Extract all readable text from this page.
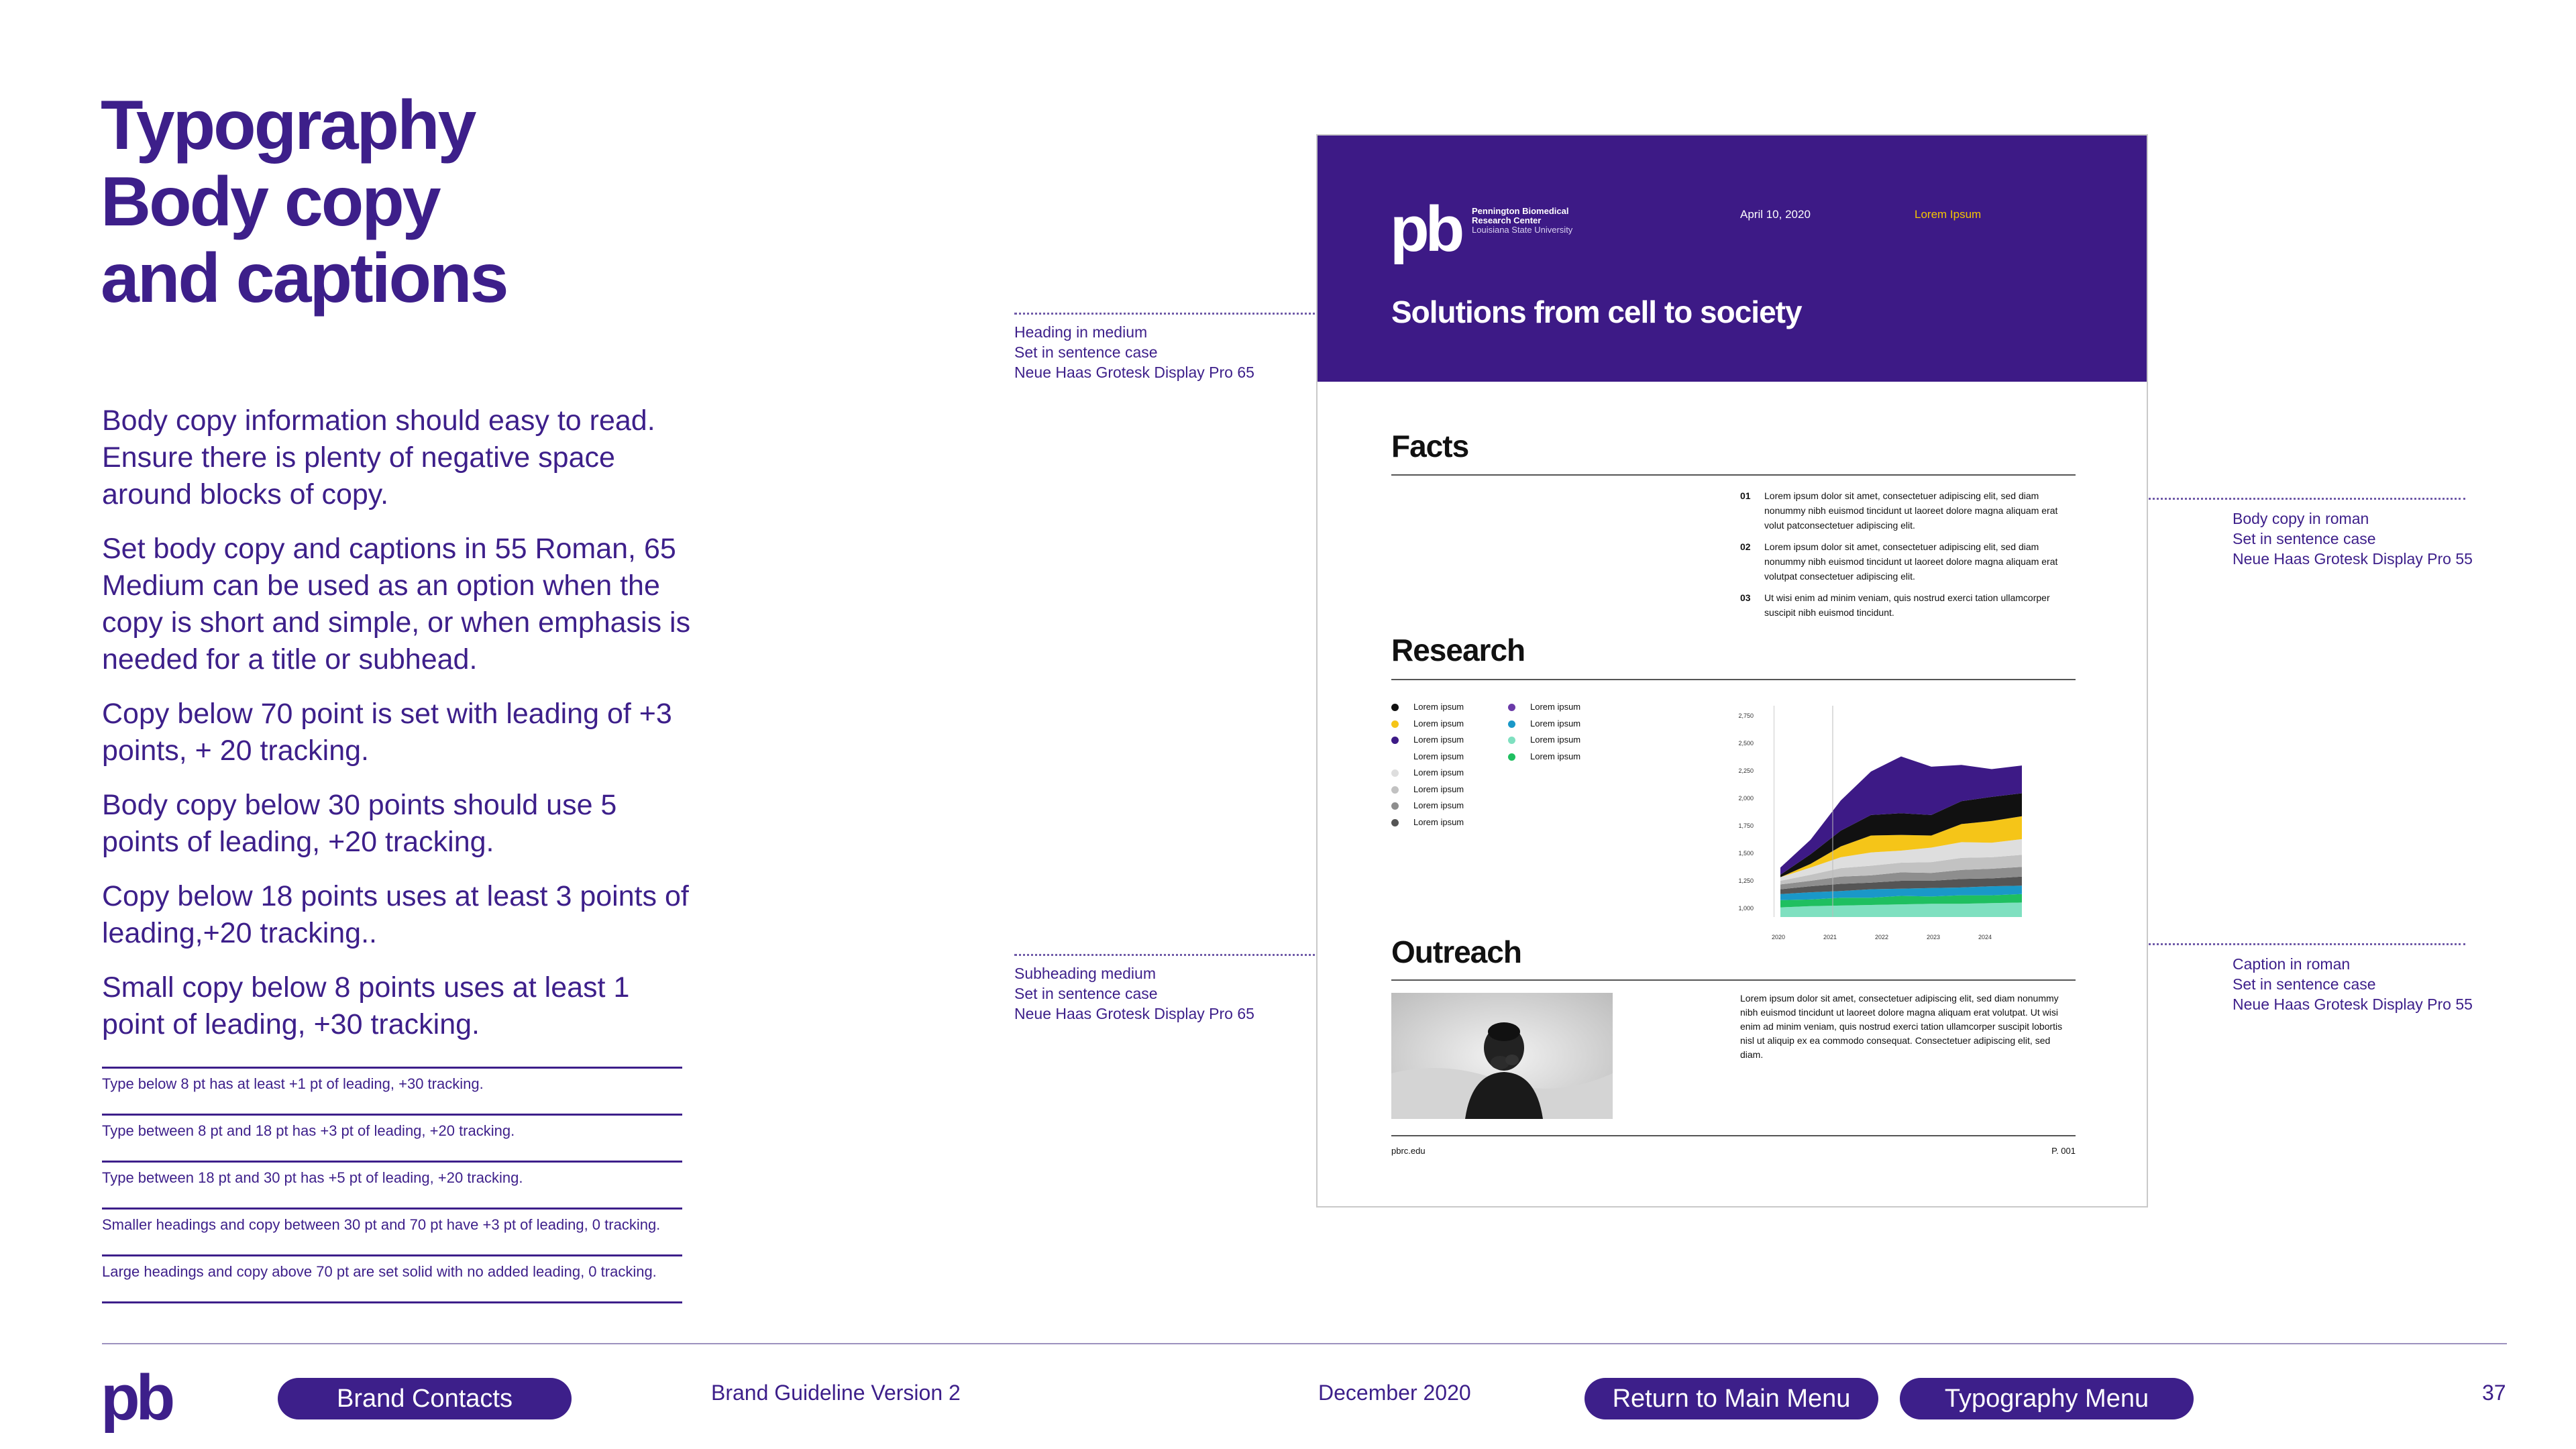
Typography
Body copy
and captions

Body copy information should easy to read. Ensure there is plenty of negative space around blocks of copy.

Set body copy and captions in 55 Roman, 65 Medium can be used as an option when the copy is short and simple, or when emphasis is needed for a title or subhead.

Copy below 70 point is set with leading of +3 points, + 20 tracking.

Body copy below 30 points should use 5 points of leading, +20 tracking.

Copy below 18 points uses at least 3 points of leading,+20 tracking..

Small copy below 8 points uses at least 1 point of leading, +30 tracking.

Type below 8 pt has at least +1 pt of leading, +30 tracking.
Type between 8 pt and 18 pt has +3 pt of leading, +20 tracking.
Type between 18 pt and 30 pt has +5 pt of leading, +20 tracking.
Smaller headings and copy between 30 pt and 70 pt have +3 pt of leading, 0 tracking.
Large headings and copy above 70 pt are set solid with no added leading, 0 tracking.
Heading in medium
Set in sentence case
Neue Haas Grotesk Display Pro 65
Subheading medium
Set in sentence case
Neue Haas Grotesk Display Pro 65
Body copy in roman
Set in sentence case
Neue Haas Grotesk Display Pro 55
Caption in roman
Set in sentence case
Neue Haas Grotesk Display Pro 55
pb Pennington Biomedical
Research Center
Louisiana State University
April 10, 2020	Lorem Ipsum
Solutions from cell to society
Facts
01 Lorem ipsum dolor sit amet, consectetuer adipiscing elit, sed diam nonummy nibh euismod tincidunt ut laoreet dolore magna aliquam erat volut patconsectetuer adipiscing elit.
02 Lorem ipsum dolor sit amet, consectetuer adipiscing elit, sed diam nonummy nibh euismod tincidunt ut laoreet dolore magna aliquam erat volutpat consectetuer adipiscing elit.
03 Ut wisi enim ad minim veniam, quis nostrud exerci tation ullamcorper suscipit nibh euismod tincidunt.
Research
Lorem ipsum
Lorem ipsum
Lorem ipsum
Lorem ipsum
Lorem ipsum
Lorem ipsum
Lorem ipsum
Lorem ipsum
Lorem ipsum
Lorem ipsum
Lorem ipsum
Lorem ipsum
2,750
2,500
2,250
2,000
1,750
1,500
1,250
1,000
2020	2021	2022	2023	2024
Outreach
Lorem ipsum dolor sit amet, consectetuer adipiscing elit, sed diam nonummy nibh euismod tincidunt ut laoreet dolore magna aliquam erat volutpat. Ut wisi enim ad minim veniam, quis nostrud exerci tation ullamcorper suscipit lobortis nisl ut aliquip ex ea commodo consequat. Consectetuer adipiscing elit, sed diam.
pbrc.edu	P. 001
pb	Brand Contacts	Brand Guideline Version 2	December 2020	Return to Main Menu	Typography Menu	37
